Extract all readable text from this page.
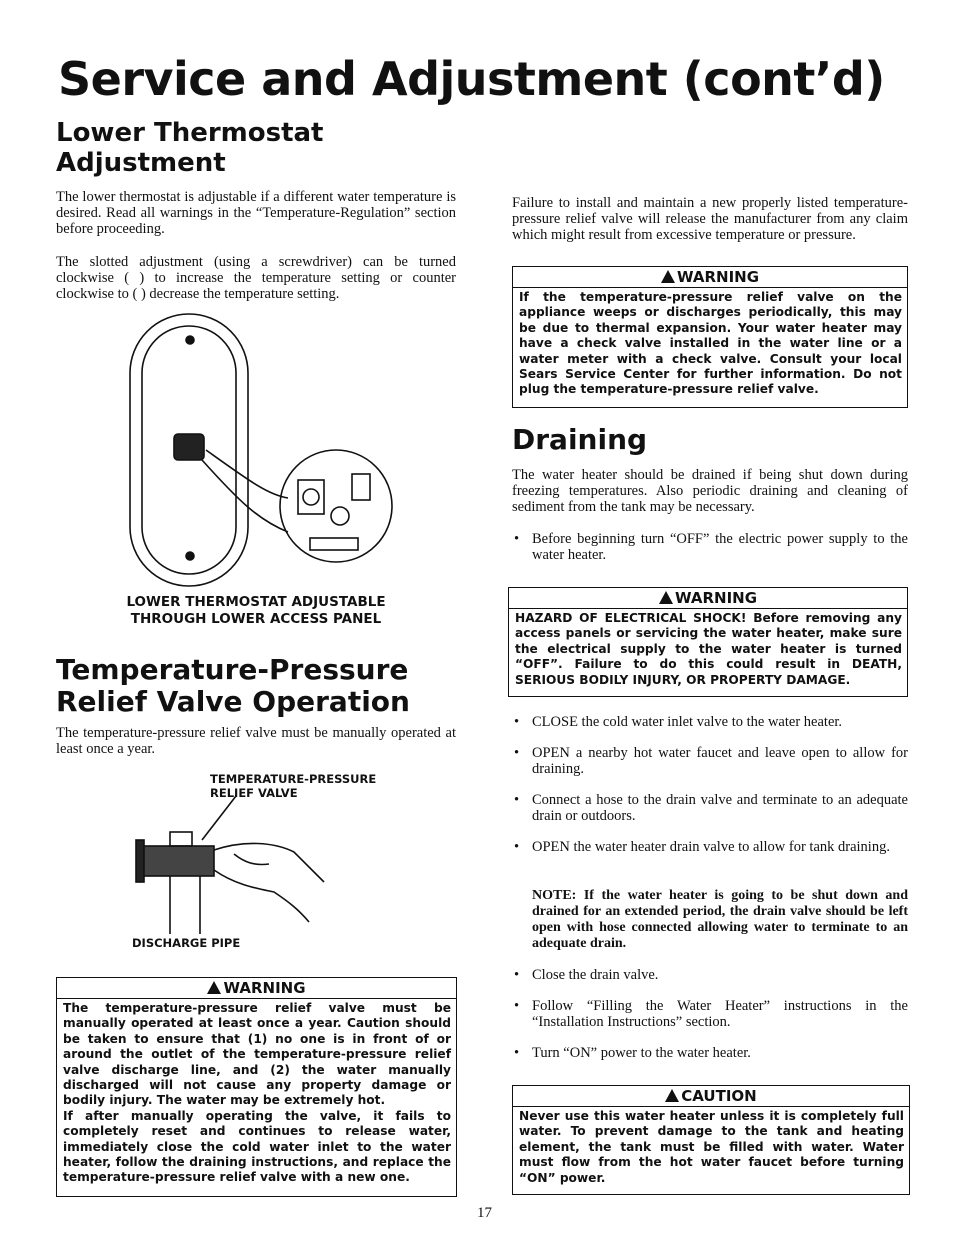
Service and Adjustment (cont’d)
Lower Thermostat Adjustment

The lower thermostat is adjustable if a different water temperature is desired. Read all warnings in the “Temperature-Regulation” section before proceeding.

The slotted adjustment (using a screwdriver) can be turned clockwise ( ) to increase the temperature setting or counter clockwise to ( ) decrease the temperature setting.

LOWER THERMOSTAT ADJUSTABLE THROUGH LOWER ACCESS PANEL
Temperature-Pressure Relief Valve Operation

The temperature-pressure relief valve must be manually operated at least once a year.

TEMPERATURE-PRESSURE RELIEF VALVE
DISCHARGE PIPE
WARNING
The temperature-pressure relief valve must be manually operated at least once a year. Caution should be taken to ensure that (1) no one is in front of or around the outlet of the temperature-pressure relief valve discharge line, and (2) the water manually discharged will not cause any property damage or bodily injury. The water may be extremely hot.
If after manually operating the valve, it fails to completely reset and continues to release water, immediately close the cold water inlet to the water heater, follow the draining instructions, and replace the temperature-pressure relief valve with a new one.

Failure to install and maintain a new properly listed temperature-pressure relief valve will release the manufacturer from any claim which might result from excessive temperature or pressure.

WARNING
If the temperature-pressure relief valve on the appliance weeps or discharges periodically, this may be due to thermal expansion. Your water heater may have a check valve installed in the water line or a water meter with a check valve. Consult your local Sears Service Center for further information. Do not plug the temperature-pressure relief valve.
Draining

The water heater should be drained if being shut down during freezing temperatures. Also periodic draining and cleaning of sediment from the tank may be necessary.

• Before beginning turn “OFF” the electric power supply to the water heater.
WARNING
HAZARD OF ELECTRICAL SHOCK! Before removing any access panels or servicing the water heater, make sure the electrical supply to the water heater is turned “OFF”. Failure to do this could result in DEATH, SERIOUS BODILY INJURY, OR PROPERTY DAMAGE.
• CLOSE the cold water inlet valve to the water heater.
• OPEN a nearby hot water faucet and leave open to allow for draining.
• Connect a hose to the drain valve and terminate to an adequate drain or outdoors.
• OPEN the water heater drain valve to allow for tank draining.
NOTE: If the water heater is going to be shut down and drained for an extended period, the drain valve should be left open with hose connected allowing water to terminate to an adequate drain.
• Close the drain valve.
• Follow “Filling the Water Heater” instructions in the “Installation Instructions” section.
• Turn “ON” power to the water heater.
CAUTION
Never use this water heater unless it is completely full water. To prevent damage to the tank and heating element, the tank must be filled with water. Water must flow from the hot water faucet before turning “ON” power.
17
